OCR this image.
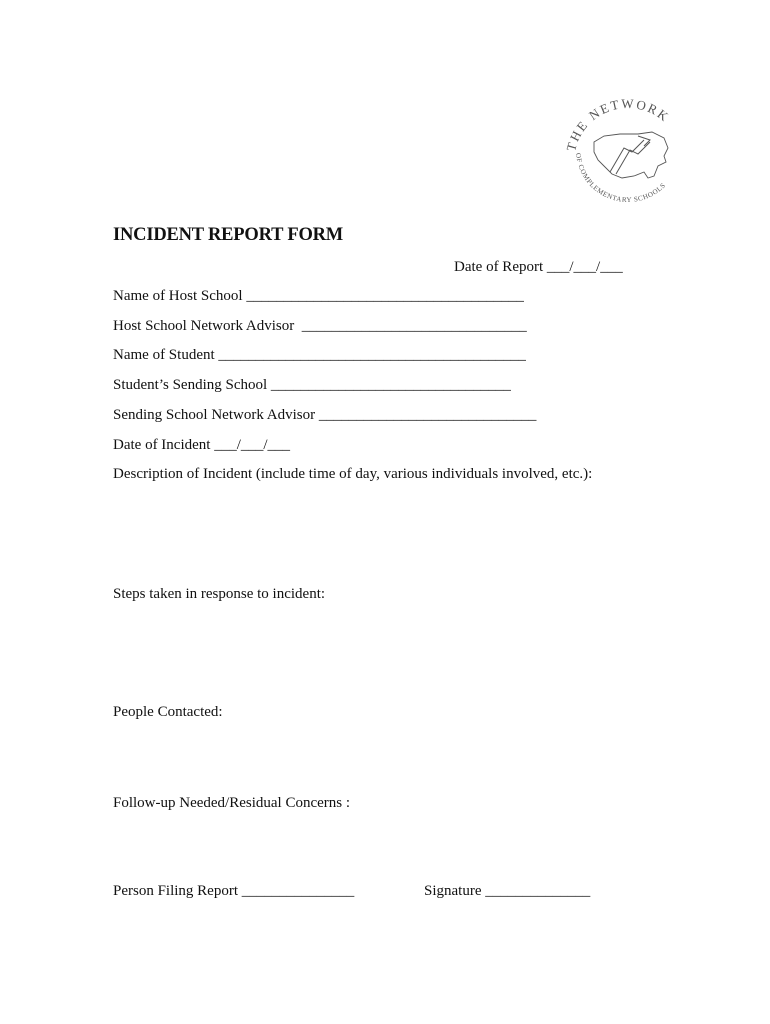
THE NETWORK
OF COMPLEMENTARY SCHOOLS
INCIDENT REPORT FORM
Date of Report ___/___/___
Name of Host School _____________________________________
Host School Network Advisor  ______________________________
Name of Student _________________________________________
Student’s Sending School ________________________________
Sending School Network Advisor _____________________________
Date of Incident ___/___/___
Description of Incident (include time of day, various individuals involved, etc.):
Steps taken in response to incident:
People Contacted:
Follow-up Needed/Residual Concerns :
Person Filing Report _______________	Signature ______________
